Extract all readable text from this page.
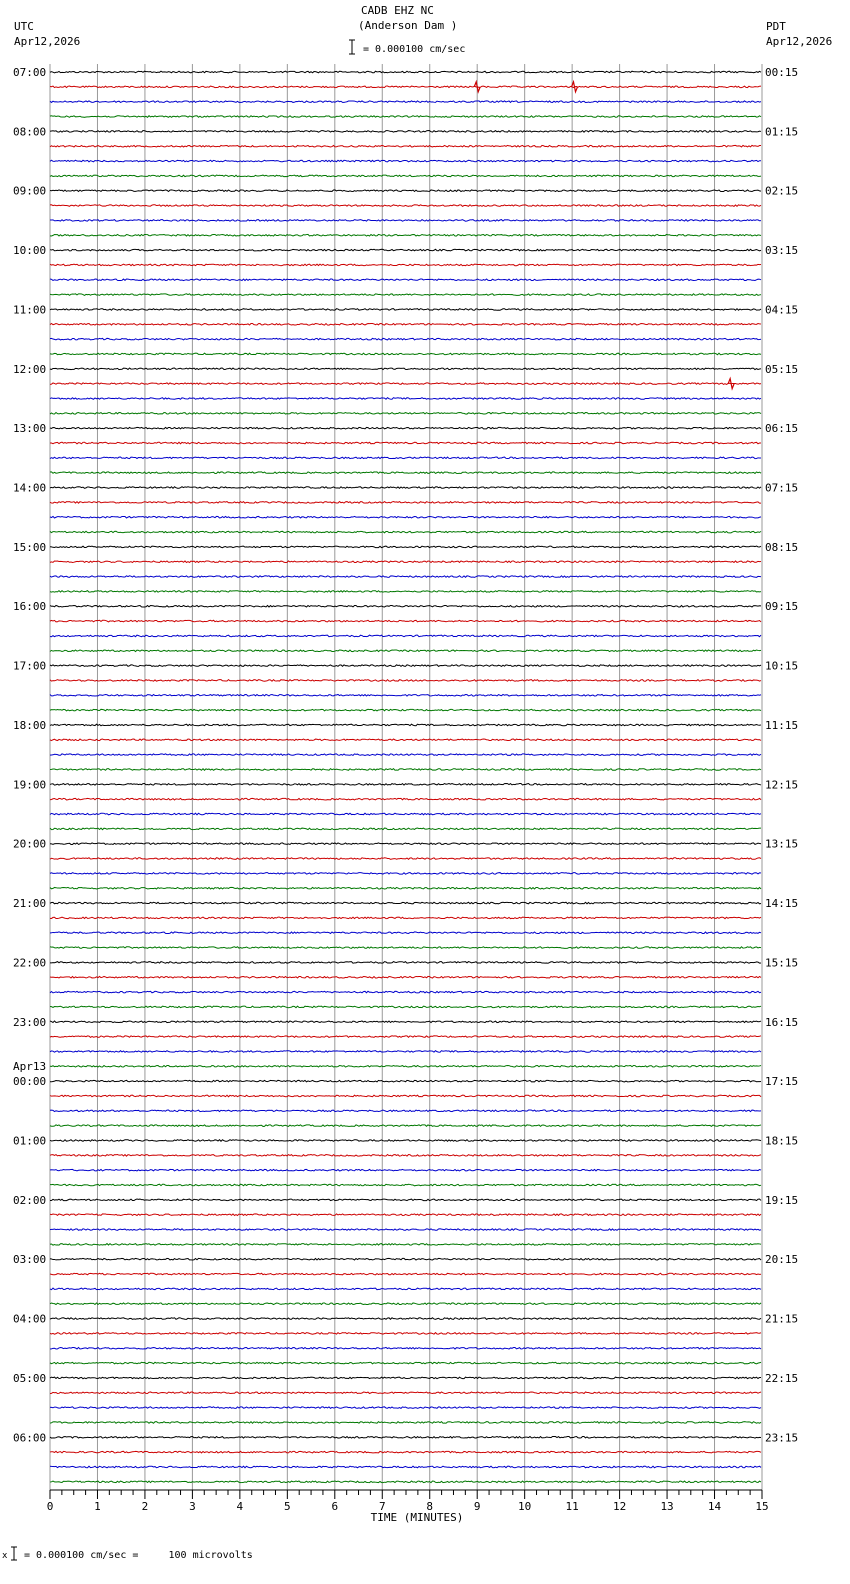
CADB EHZ NC
(Anderson Dam )
UTC
Apr12,2026
PDT
Apr12,2026
= 0.000100 cm/sec
x = 0.000100 cm/sec =     100 microvolts
07:00
08:00
09:00
10:00
11:00
12:00
13:00
14:00
15:00
16:00
17:00
18:00
19:00
20:00
21:00
22:00
23:00
00:00
Apr13
01:00
02:00
03:00
04:00
05:00
06:00
00:15
01:15
02:15
03:15
04:15
05:15
06:15
07:15
08:15
09:15
10:15
11:15
12:15
13:15
14:15
15:15
16:15
17:15
18:15
19:15
20:15
21:15
22:15
23:15
0	1	2	3	4	5	6	7	8	9	10	11	12	13	14	15
TIME (MINUTES)
